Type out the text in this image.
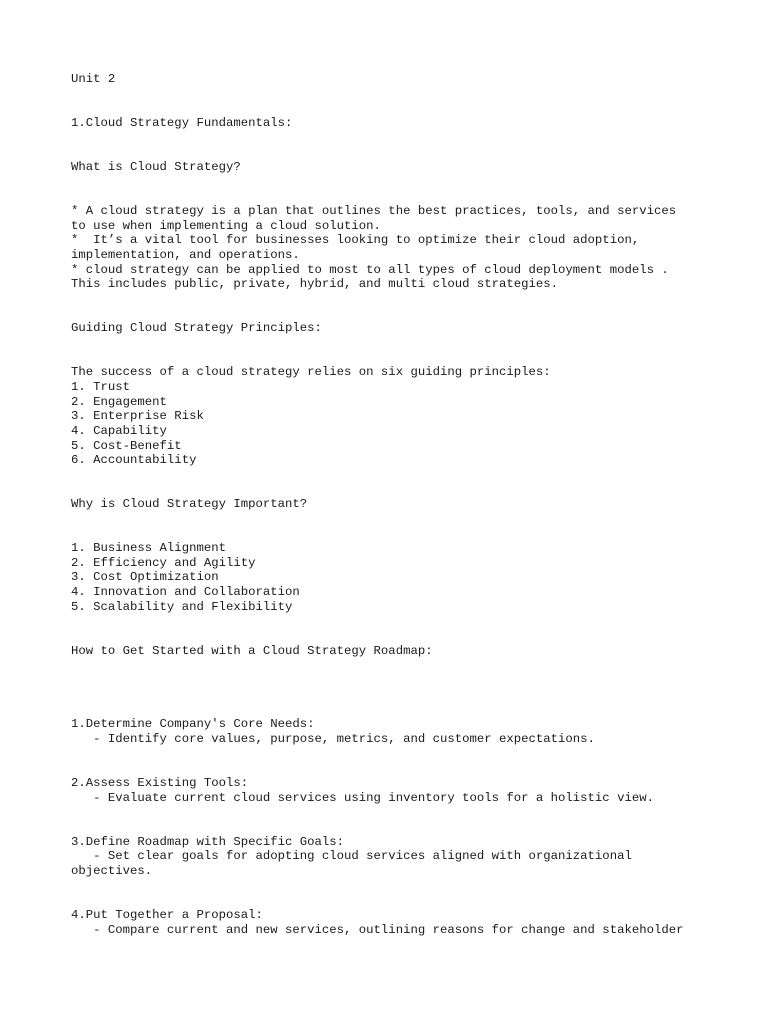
Unit 2

1.Cloud Strategy Fundamentals:

What is Cloud Strategy?

* A cloud strategy is a plan that outlines the best practices, tools, and services

to use when implementing a cloud solution.

*  It’s a vital tool for businesses looking to optimize their cloud adoption,

implementation, and operations.

* cloud strategy can be applied to most to all types of cloud deployment models .

This includes public, private, hybrid, and multi cloud strategies.

Guiding Cloud Strategy Principles:

The success of a cloud strategy relies on six guiding principles:

1. Trust

2. Engagement

3. Enterprise Risk

4. Capability

5. Cost-Benefit

6. Accountability

Why is Cloud Strategy Important?

1. Business Alignment

2. Efficiency and Agility

3. Cost Optimization

4. Innovation and Collaboration

5. Scalability and Flexibility

How to Get Started with a Cloud Strategy Roadmap:

1.Determine Company's Core Needs:

- Identify core values, purpose, metrics, and customer expectations.

2.Assess Existing Tools:

- Evaluate current cloud services using inventory tools for a holistic view.

3.Define Roadmap with Specific Goals:

- Set clear goals for adopting cloud services aligned with organizational

objectives.

4.Put Together a Proposal:

- Compare current and new services, outlining reasons for change and stakeholder
